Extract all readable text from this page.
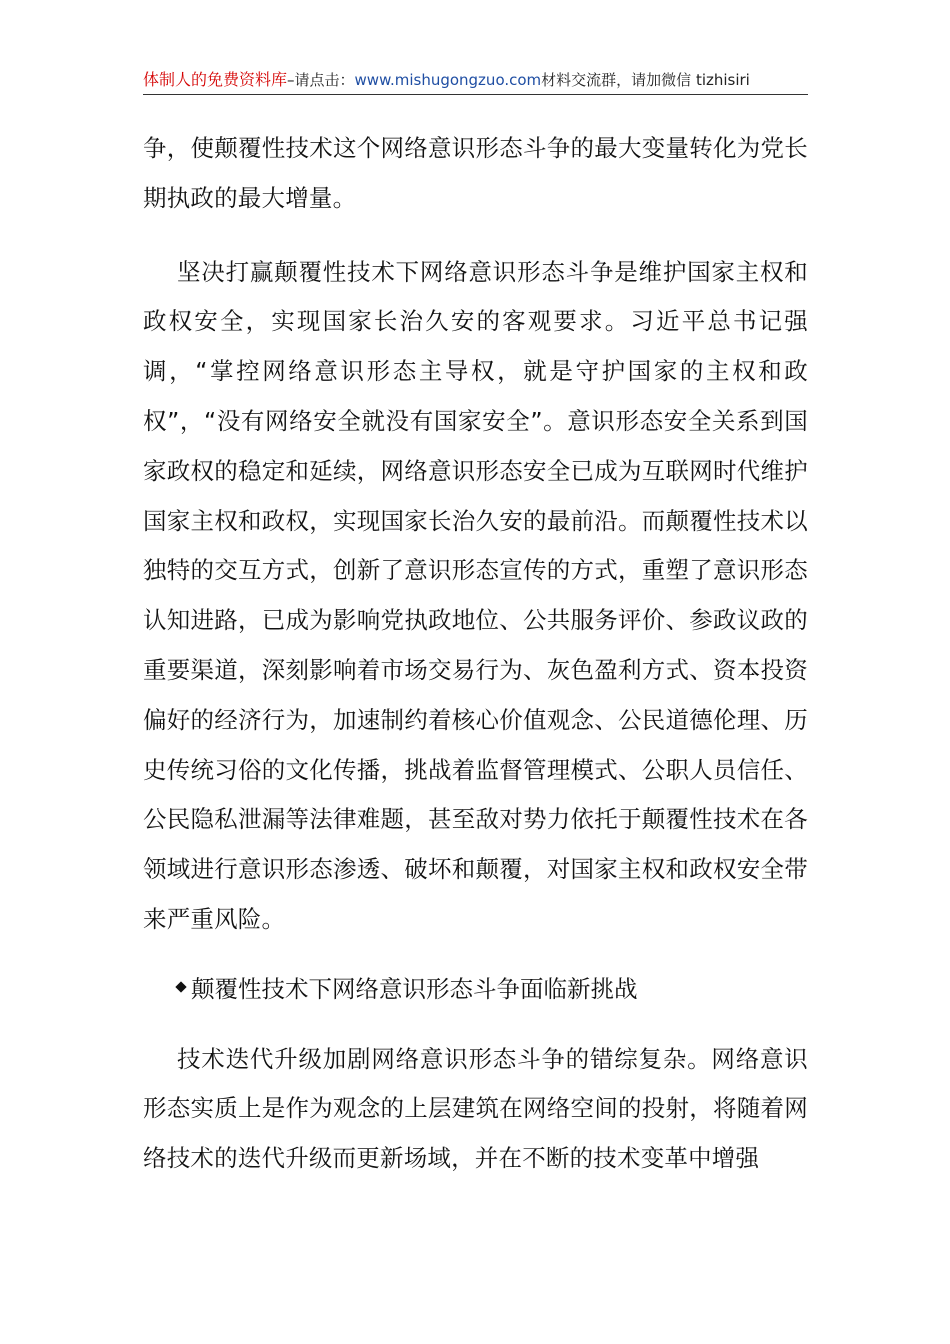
体制人的免费资料库–请点击：www.mishugongzuo.com材料交流群，请加微信 tizhisiri

争，使颠覆性技术这个网络意识形态斗争的最大变量转化为党长期执政的最大增量。

坚决打赢颠覆性技术下网络意识形态斗争是维护国家主权和政权安全，实现国家长治久安的客观要求。习近平总书记强调，“掌控网络意识形态主导权，就是守护国家的主权和政权”，“没有网络安全就没有国家安全”。意识形态安全关系到国家政权的稳定和延续，网络意识形态安全已成为互联网时代维护国家主权和政权，实现国家长治久安的最前沿。而颠覆性技术以独特的交互方式，创新了意识形态宣传的方式，重塑了意识形态认知进路，已成为影响党执政地位、公共服务评价、参政议政的重要渠道，深刻影响着市场交易行为、灰色盈利方式、资本投资偏好的经济行为，加速制约着核心价值观念、公民道德伦理、历史传统习俗的文化传播，挑战着监督管理模式、公职人员信任、公民隐私泄漏等法律难题，甚至敌对势力依托于颠覆性技术在各领域进行意识形态渗透、破坏和颠覆，对国家主权和政权安全带来严重风险。

颠覆性技术下网络意识形态斗争面临新挑战

技术迭代升级加剧网络意识形态斗争的错综复杂。网络意识形态实质上是作为观念的上层建筑在网络空间的投射，将随着网络技术的迭代升级而更新场域，并在不断的技术变革中增强
